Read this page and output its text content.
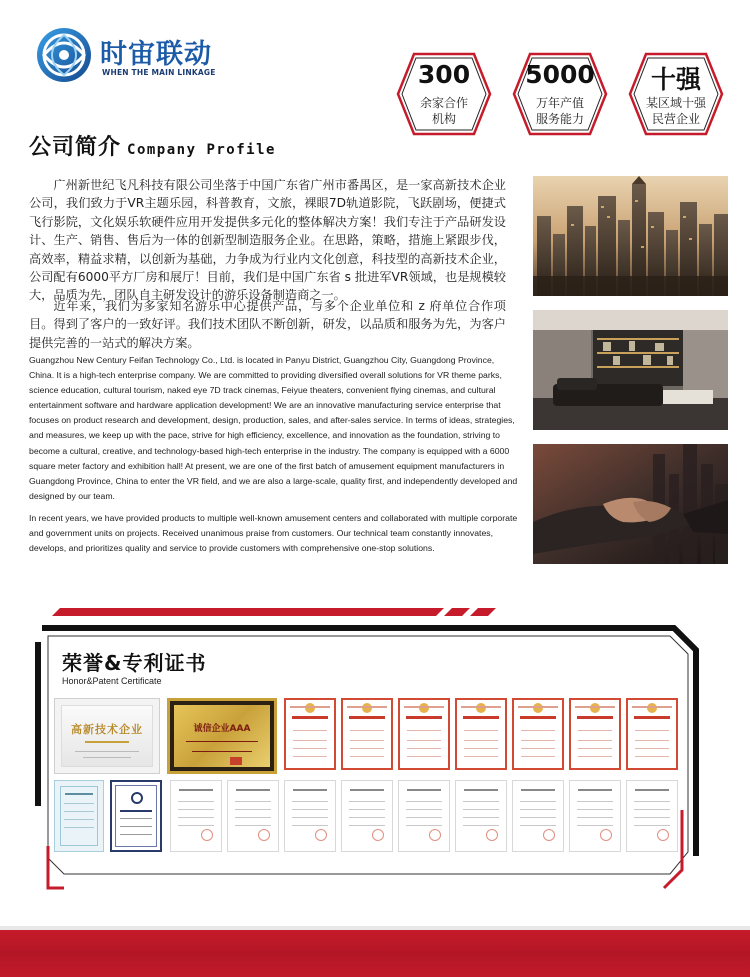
时宙联动
WHEN THE MAIN LINKAGE	300
余家合作
机构
5000
万年产值
服务能力
十强
某区域十强
民营企业
公司简介 Company Profile

广州新世纪飞凡科技有限公司坐落于中国广东省广州市番禺区，是一家高新技术企业公司，我们致力于VR主题乐园，科普教育，文旅，裸眼7D轨道影院，飞跃剧场，便捷式飞行影院，文化娱乐软硬件应用开发提供多元化的整体解决方案！我们专注于产品研发设计、生产、销售、售后为一体的创新型制造服务企业。在思路，策略，措施上紧跟步伐，高效率，精益求精，以创新为基础，力争成为行业内文化创意，科技型的高新技术企业，公司配有6000平方厂房和展厅！目前，我们是中国广东省 s 批进军VR领域，也是规模较大，品质为先，团队自主研发设计的游乐设备制造商之一。

近年来，我们为多家知名游乐中心提供产品，与多个企业单位和 z 府单位合作项目。得到了客户的一致好评。我们技术团队不断创新，研发，以品质和服务为先，为客户提供完善的一站式的解决方案。

Guangzhou New Century Feifan Technology Co., Ltd. is located in Panyu District, Guangzhou City, Guangdong Province, China. It is a high-tech enterprise company. We are committed to providing diversified overall solutions for VR theme parks, science education, cultural tourism, naked eye 7D track cinemas, Feiyue theaters, convenient flying cinemas, and cultural entertainment software and hardware application development! We are an innovative manufacturing service enterprise that focuses on product research and development, design, production, sales, and after-sales service. In terms of ideas, strategies, and measures, we keep up with the pace, strive for high efficiency, excellence, and innovation as the foundation, striving to become a cultural, creative, and technology-based high-tech enterprise in the industry. The company is equipped with a 6000 square meter factory and exhibition hall! At present, we are one of the first batch of amusement equipment manufacturers in Guangdong Province, China to enter the VR field, and we are also a large-scale, quality first, and independently developed and designed by our team.

In recent years, we have provided products to multiple well-known amusement centers and collaborated with multiple corporate and government units on projects. Received unanimous praise from customers. Our technical team constantly innovates, develops, and prioritizes quality and service to provide customers with comprehensive one-stop solutions.

荣誉&专利证书
Honor&Patent Certificate
高新技术企业	诚信企业AAA
